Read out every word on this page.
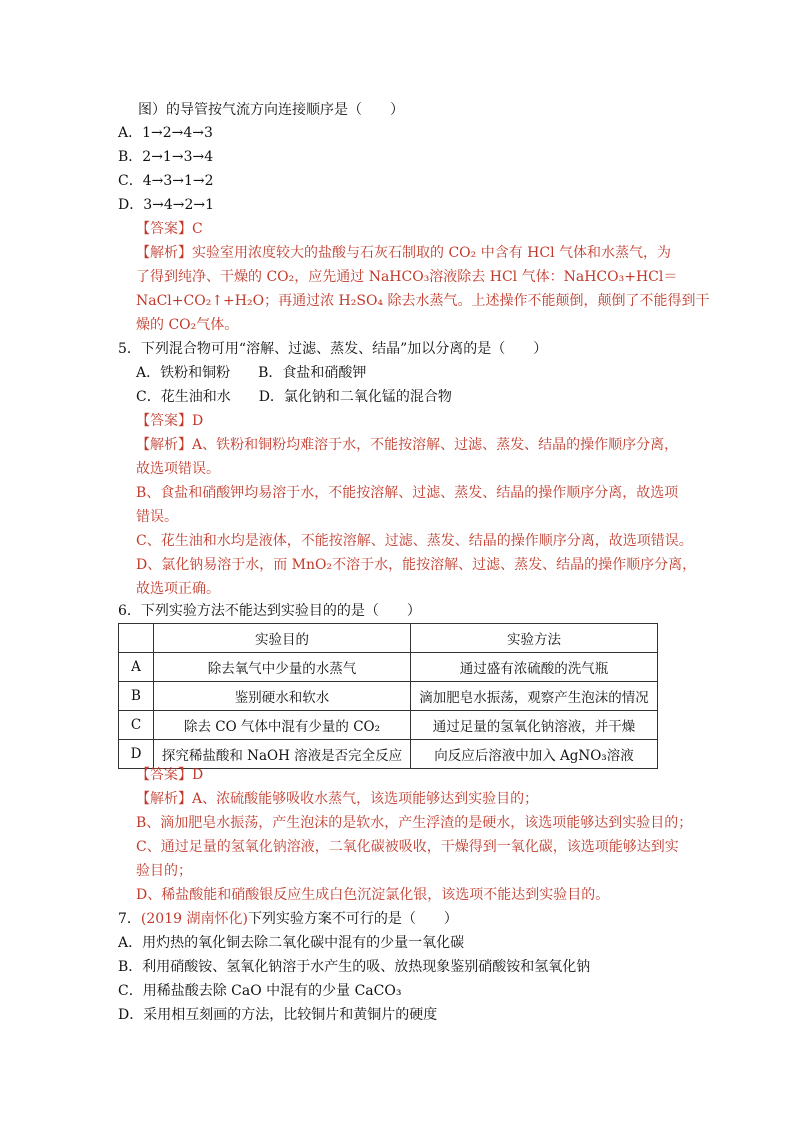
图）的导管按气流方向连接顺序是（　　）
A．1→2→4→3
B．2→1→3→4
C．4→3→1→2
D．3→4→2→1
【答案】C
【解析】实验室用浓度较大的盐酸与石灰石制取的 CO₂ 中含有 HCl 气体和水蒸气，为
了得到纯净、干燥的 CO₂，应先通过 NaHCO₃溶液除去 HCl 气体：NaHCO₃+HCl＝
NaCl+CO₂↑+H₂O；再通过浓 H₂SO₄ 除去水蒸气。上述操作不能颠倒，颠倒了不能得到干
燥的 CO₂气体。
5．下列混合物可用“溶解、过滤、蒸发、结晶”加以分离的是（　　）
A．铁粉和铜粉　　B．食盐和硝酸钾
C．花生油和水　　D．氯化钠和二氧化锰的混合物
【答案】D
【解析】A、铁粉和铜粉均难溶于水，不能按溶解、过滤、蒸发、结晶的操作顺序分离，
故选项错误。
B、食盐和硝酸钾均易溶于水，不能按溶解、过滤、蒸发、结晶的操作顺序分离，故选项
错误。
C、花生油和水均是液体，不能按溶解、过滤、蒸发、结晶的操作顺序分离，故选项错误。
D、氯化钠易溶于水，而 MnO₂不溶于水，能按溶解、过滤、蒸发、结晶的操作顺序分离，
故选项正确。
6．下列实验方法不能达到实验目的的是（　　）
	实验目的	实验方法
A	除去氧气中少量的水蒸气	通过盛有浓硫酸的洗气瓶
B	鉴别硬水和软水	滴加肥皂水振荡，观察产生泡沫的情况
C	除去 CO 气体中混有少量的 CO₂	通过足量的氢氧化钠溶液，并干燥
D	探究稀盐酸和 NaOH 溶液是否完全反应	向反应后溶液中加入 AgNO₃溶液
【答案】D
【解析】A、浓硫酸能够吸收水蒸气，该选项能够达到实验目的；
B、滴加肥皂水振荡，产生泡沫的是软水，产生浮渣的是硬水，该选项能够达到实验目的；
C、通过足量的氢氧化钠溶液，二氧化碳被吸收，干燥得到一氧化碳，该选项能够达到实
验目的；
D、稀盐酸能和硝酸银反应生成白色沉淀氯化银，该选项不能达到实验目的。
7．(2019 湖南怀化)下列实验方案不可行的是（　　）
A．用灼热的氧化铜去除二氧化碳中混有的少量一氧化碳
B．利用硝酸铵、氢氧化钠溶于水产生的吸、放热现象鉴别硝酸铵和氢氧化钠
C．用稀盐酸去除 CaO 中混有的少量 CaCO₃
D．采用相互刻画的方法，比较铜片和黄铜片的硬度
